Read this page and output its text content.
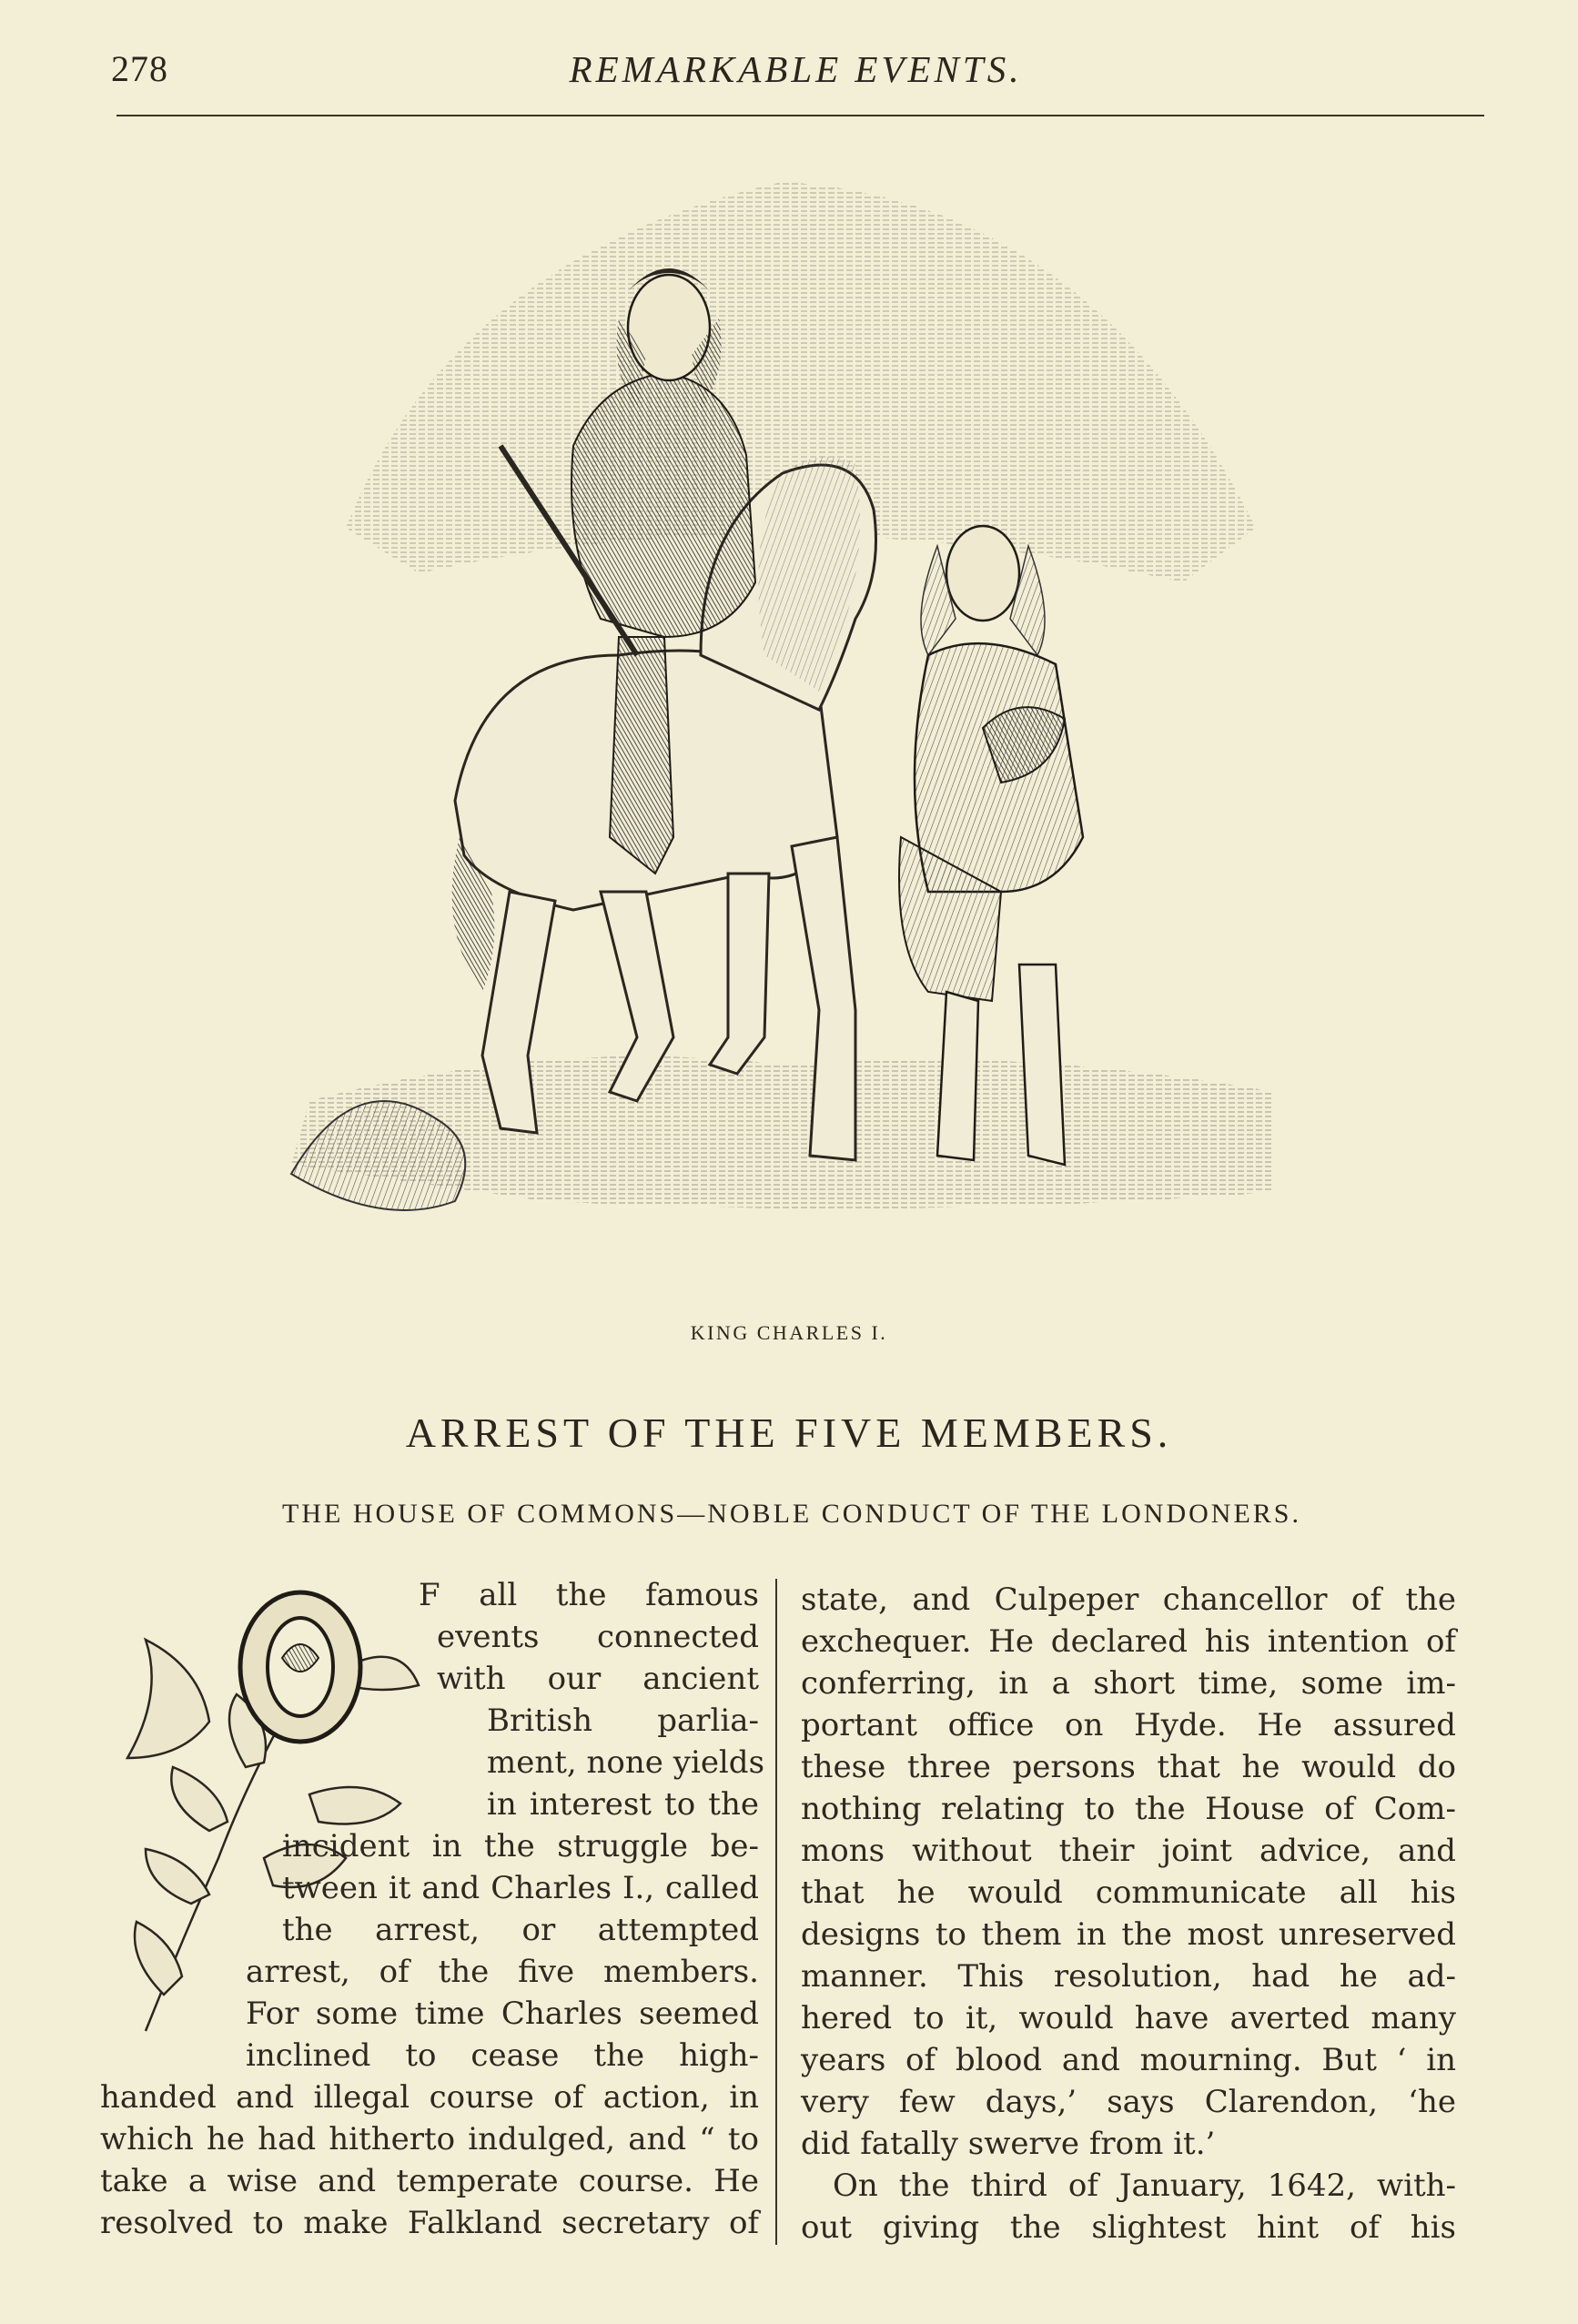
278	REMARKABLE EVENTS.
KING CHARLES I.
ARREST OF THE FIVE MEMBERS.
THE HOUSE OF COMMONS—NOBLE CONDUCT OF THE LONDONERS.
F all the famous
events connected
with our ancient
British parlia-
ment, none yields
in interest to the
incident in the struggle be-
tween it and Charles I., called
the arrest, or attempted
arrest, of the five members.
For some time Charles seemed
inclined to cease the high-
handed and illegal course of action, in
which he had hitherto indulged, and “ to
take a wise and temperate course. He
resolved to make Falkland secretary of
state, and Culpeper chancellor of the
exchequer. He declared his intention of
conferring, in a short time, some im-
portant office on Hyde. He assured
these three persons that he would do
nothing relating to the House of Com-
mons without their joint advice, and
that he would communicate all his
designs to them in the most unreserved
manner. This resolution, had he ad-
hered to it, would have averted many
years of blood and mourning. But ‘ in
very few days,’ says Clarendon, ‘he
did fatally swerve from it.’
On the third of January, 1642, with-
out giving the slightest hint of his
